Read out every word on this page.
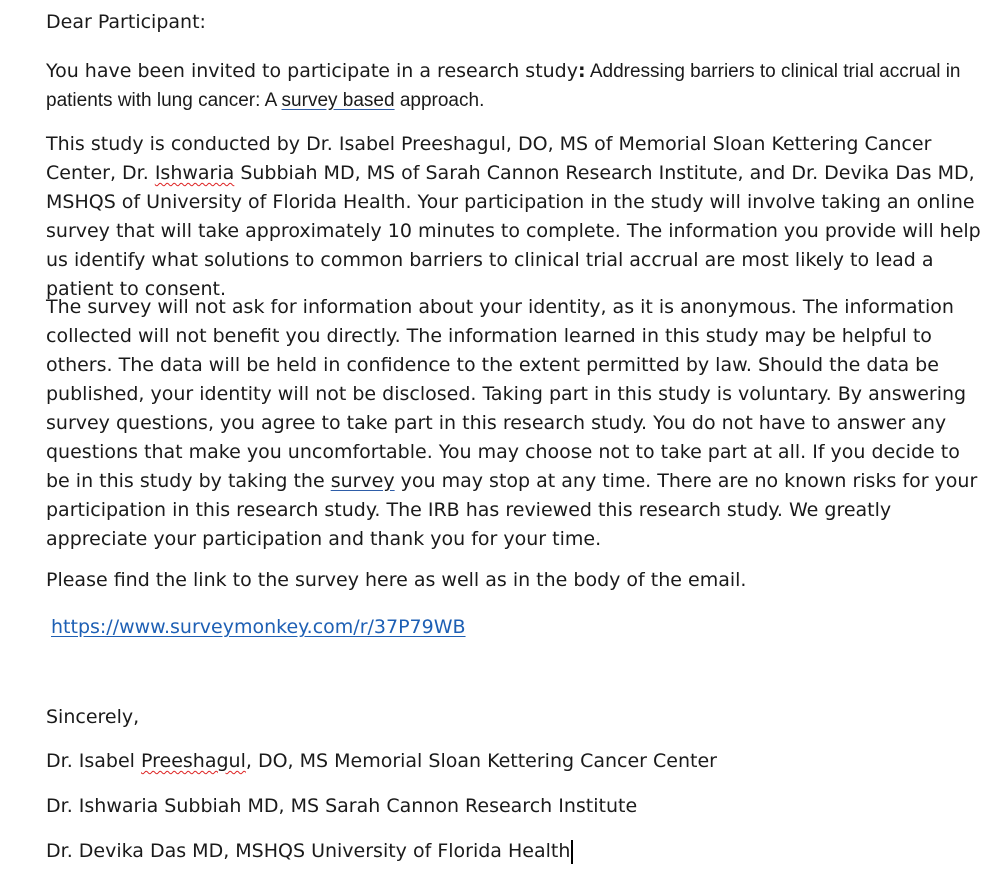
Dear Participant:

You have been invited to participate in a research study: Addressing barriers to clinical trial accrual in patients with lung cancer: A survey based approach.

This study is conducted by Dr. Isabel Preeshagul, DO, MS of Memorial Sloan Kettering Cancer Center, Dr. Ishwaria Subbiah MD, MS of Sarah Cannon Research Institute, and Dr. Devika Das MD, MSHQS of University of Florida Health. Your participation in the study will involve taking an online survey that will take approximately 10 minutes to complete. The information you provide will help us identify what solutions to common barriers to clinical trial accrual are most likely to lead a patient to consent.

The survey will not ask for information about your identity, as it is anonymous. The information collected will not benefit you directly. The information learned in this study may be helpful to others. The data will be held in confidence to the extent permitted by law. Should the data be published, your identity will not be disclosed. Taking part in this study is voluntary. By answering survey questions, you agree to take part in this research study. You do not have to answer any questions that make you uncomfortable. You may choose not to take part at all. If you decide to be in this study by taking the survey you may stop at any time. There are no known risks for your participation in this research study. The IRB has reviewed this research study. We greatly appreciate your participation and thank you for your time.

Please find the link to the survey here as well as in the body of the email.

https://www.surveymonkey.com/r/37P79WB

Sincerely,

Dr. Isabel Preeshagul, DO, MS Memorial Sloan Kettering Cancer Center

Dr. Ishwaria Subbiah MD, MS Sarah Cannon Research Institute

Dr. Devika Das MD, MSHQS University of Florida Health
